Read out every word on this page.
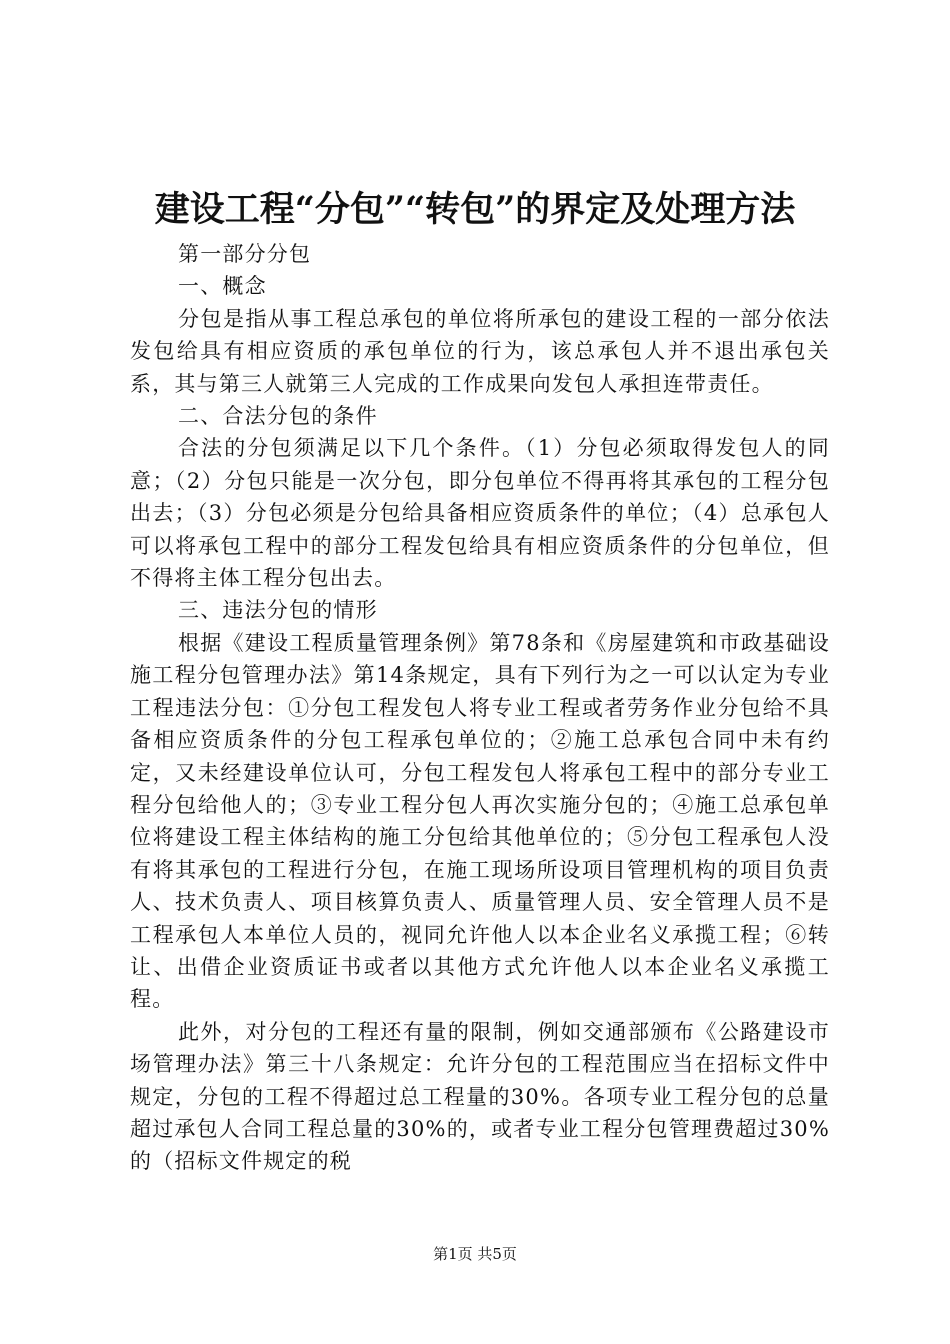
建设工程“分包”“转包”的界定及处理方法

第一部分分包

一、概念

分包是指从事工程总承包的单位将所承包的建设工程的一部分依法发包给具有相应资质的承包单位的行为，该总承包人并不退出承包关系，其与第三人就第三人完成的工作成果向发包人承担连带责任。

二、合法分包的条件

合法的分包须满足以下几个条件。（1）分包必须取得发包人的同意；（2）分包只能是一次分包，即分包单位不得再将其承包的工程分包出去；（3）分包必须是分包给具备相应资质条件的单位；（4）总承包人可以将承包工程中的部分工程发包给具有相应资质条件的分包单位，但不得将主体工程分包出去。

三、违法分包的情形

根据《建设工程质量管理条例》第78条和《房屋建筑和市政基础设施工程分包管理办法》第14条规定，具有下列行为之一可以认定为专业工程违法分包：①分包工程发包人将专业工程或者劳务作业分包给不具备相应资质条件的分包工程承包单位的；②施工总承包合同中未有约定，又未经建设单位认可，分包工程发包人将承包工程中的部分专业工程分包给他人的；③专业工程分包人再次实施分包的；④施工总承包单位将建设工程主体结构的施工分包给其他单位的；⑤分包工程承包人没有将其承包的工程进行分包，在施工现场所设项目管理机构的项目负责人、技术负责人、项目核算负责人、质量管理人员、安全管理人员不是工程承包人本单位人员的，视同允许他人以本企业名义承揽工程；⑥转让、出借企业资质证书或者以其他方式允许他人以本企业名义承揽工程。

此外，对分包的工程还有量的限制，例如交通部颁布《公路建设市场管理办法》第三十八条规定：允许分包的工程范围应当在招标文件中规定，分包的工程不得超过总工程量的30%。各项专业工程分包的总量超过承包人合同工程总量的30%的，或者专业工程分包管理费超过30%的（招标文件规定的税

第1页 共5页
